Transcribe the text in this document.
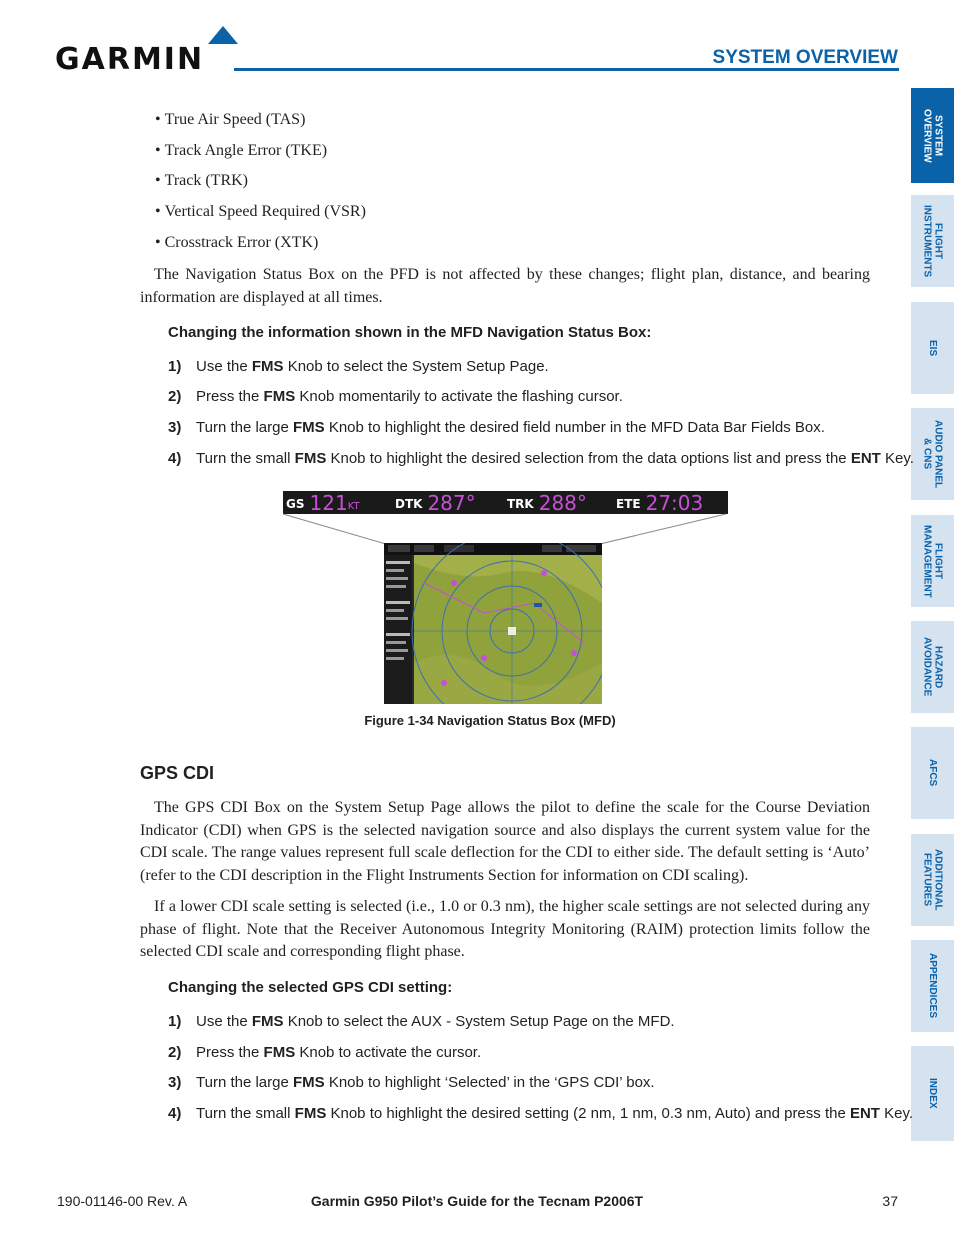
GARMIN	SYSTEM OVERVIEW
SYSTEM
OVERVIEW
FLIGHT
INSTRUMENTS
EIS
AUDIO PANEL
& CNS
FLIGHT
MANAGEMENT
HAZARD
AVOIDANCE
AFCS
ADDITIONAL
FEATURES
APPENDICES
INDEX
• True Air Speed (TAS)
• Track Angle Error (TKE)
• Track (TRK)
• Vertical Speed Required (VSR)
• Crosstrack Error (XTK)
The Navigation Status Box on the PFD is not affected by these changes; flight plan, distance, and bearing information are displayed at all times.
Changing the information shown in the MFD Navigation Status Box:
1) Use the FMS Knob to select the System Setup Page.
2) Press the FMS Knob momentarily to activate the flashing cursor.
3) Turn the large FMS Knob to highlight the desired field number in the MFD Data Bar Fields Box.
4) Turn the small FMS Knob to highlight the desired selection from the data options list and press the ENT Key.
GS 121 KT	DTK 287°	TRK 288° ETE 27:03
Figure 1-34 Navigation Status Box (MFD)
GPS CDI
The GPS CDI Box on the System Setup Page allows the pilot to define the scale for the Course Deviation Indicator (CDI) when GPS is the selected navigation source and also displays the current system value for the CDI scale. The range values represent full scale deflection for the CDI to either side. The default setting is ‘Auto’ (refer to the CDI description in the Flight Instruments Section for information on CDI scaling).
If a lower CDI scale setting is selected (i.e., 1.0 or 0.3 nm), the higher scale settings are not selected during any phase of flight. Note that the Receiver Autonomous Integrity Monitoring (RAIM) protection limits follow the selected CDI scale and corresponding flight phase.
Changing the selected GPS CDI setting:
1) Use the FMS Knob to select the AUX - System Setup Page on the MFD.
2) Press the FMS Knob to activate the cursor.
3) Turn the large FMS Knob to highlight ‘Selected’ in the ‘GPS CDI’ box.
4) Turn the small FMS Knob to highlight the desired setting (2 nm, 1 nm, 0.3 nm, Auto) and press the ENT Key.
190-01146-00 Rev. A	Garmin G950 Pilot’s Guide for the Tecnam P2006T	37
